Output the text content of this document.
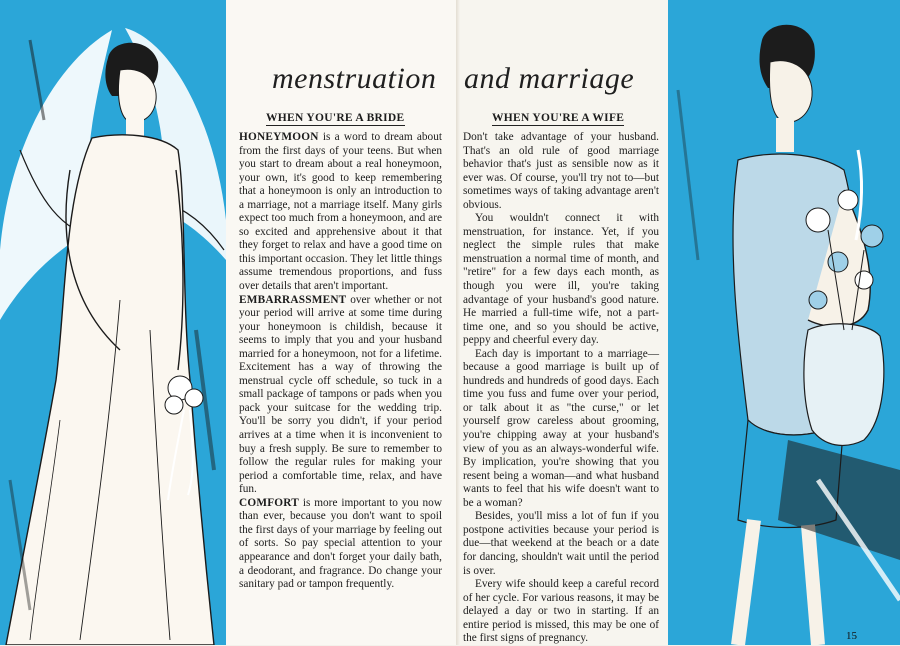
menstruation and marriage
WHEN YOU'RE A BRIDE	WHEN YOU'RE A WIFE

HONEYMOON is a word to dream about from the first days of your teens. But when you start to dream about a real honeymoon, your own, it's good to keep remembering that a honeymoon is only an introduction to a marriage, not a marriage itself. Many girls expect too much from a honeymoon, and are so excited and apprehensive about it that they forget to relax and have a good time on this important occasion. They let little things assume tremendous proportions, and fuss over details that aren't important.

EMBARRASSMENT over whether or not your period will arrive at some time during your honeymoon is childish, because it seems to imply that you and your husband married for a honeymoon, not for a lifetime. Excitement has a way of throwing the menstrual cycle off schedule, so tuck in a small package of tampons or pads when you pack your suitcase for the wedding trip. You'll be sorry you didn't, if your period arrives at a time when it is inconvenient to buy a fresh supply. Be sure to remember to follow the regular rules for making your period a comfortable time, relax, and have fun.

COMFORT is more important to you now than ever, because you don't want to spoil the first days of your marriage by feeling out of sorts. So pay special attention to your appearance and don't forget your daily bath, a deodorant, and fragrance. Do change your sanitary pad or tampon frequently.

Don't take advantage of your husband. That's an old rule of good marriage behavior that's just as sensible now as it ever was. Of course, you'll try not to—but sometimes ways of taking advantage aren't obvious.

You wouldn't connect it with menstruation, for instance. Yet, if you neglect the simple rules that make menstruation a normal time of month, and "retire" for a few days each month, as though you were ill, you're taking advantage of your husband's good nature. He married a full-time wife, not a part-time one, and so you should be active, peppy and cheerful every day.

Each day is important to a marriage—because a good marriage is built up of hundreds and hundreds of good days. Each time you fuss and fume over your period, or talk about it as "the curse," or let yourself grow careless about grooming, you're chipping away at your husband's view of you as an always-wonderful wife. By implication, you're showing that you resent being a woman—and what husband wants to feel that his wife doesn't want to be a woman?

Besides, you'll miss a lot of fun if you postpone activities because your period is due—that weekend at the beach or a date for dancing, shouldn't wait until the period is over.

Every wife should keep a careful record of her cycle. For various reasons, it may be delayed a day or two in starting. If an entire period is missed, this may be one of the first signs of pregnancy.	15
